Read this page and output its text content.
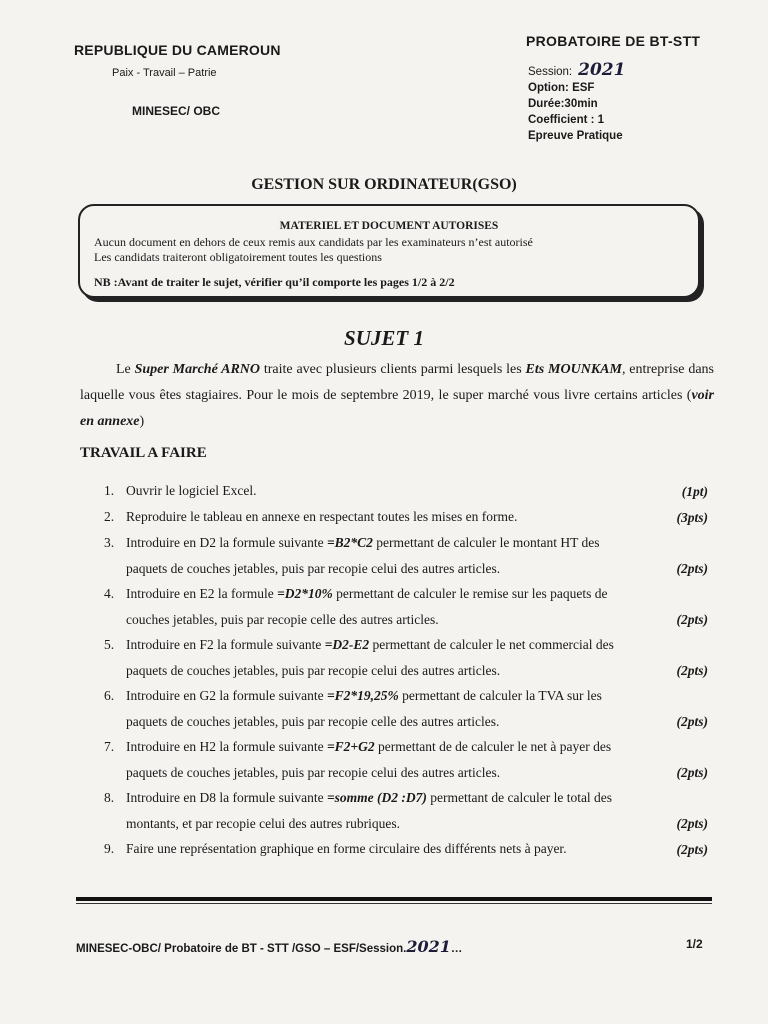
REPUBLIQUE DU CAMEROUN
Paix - Travail – Patrie
MINESEC/ OBC
PROBATOIRE DE BT-STT
Session: 2021
Option: ESF
Durée:30min
Coefficient : 1
Epreuve Pratique
GESTION SUR ORDINATEUR(GSO)
MATERIEL ET DOCUMENT AUTORISES
Aucun document en dehors de ceux remis aux candidats par les examinateurs n’est autorisé
Les candidats traiteront obligatoirement toutes les questions
NB :Avant de traiter le sujet, vérifier qu’il comporte les pages 1/2 à 2/2
SUJET 1

Le Super Marché ARNO traite avec plusieurs clients parmi lesquels les Ets MOUNKAM, entreprise dans laquelle vous êtes stagiaires. Pour le mois de septembre 2019, le super marché vous livre certains articles (voir en annexe)

TRAVAIL A FAIRE
1. Ouvrir le logiciel Excel.	(1pt)
2. Reproduire le tableau en annexe en respectant toutes les mises en forme.	(3pts)
3. Introduire en D2 la formule suivante =B2*C2 permettant de calculer le montant HT des
paquets de couches jetables, puis par recopie celui des autres articles.	(2pts)
4. Introduire en E2 la formule =D2*10% permettant de calculer le remise sur les paquets de
couches jetables, puis par recopie celle des autres articles.	(2pts)
5. Introduire en F2 la formule suivante =D2-E2 permettant de calculer le net commercial des
paquets de couches jetables, puis par recopie celui des autres articles.	(2pts)
6. Introduire en G2 la formule suivante =F2*19,25% permettant de calculer la TVA sur les
paquets de couches jetables, puis par recopie celle des autres articles.	(2pts)
7. Introduire en H2 la formule suivante =F2+G2 permettant de de calculer le net à payer des
paquets de couches jetables, puis par recopie celui des autres articles.	(2pts)
8. Introduire en D8 la formule suivante =somme (D2 :D7) permettant de calculer le total des
montants, et par recopie celui des autres rubriques.	(2pts)
9. Faire une représentation graphique en forme circulaire des différents nets à payer.	(2pts)
MINESEC-OBC/ Probatoire de BT - STT /GSO – ESF/Session.2021…	1/2
